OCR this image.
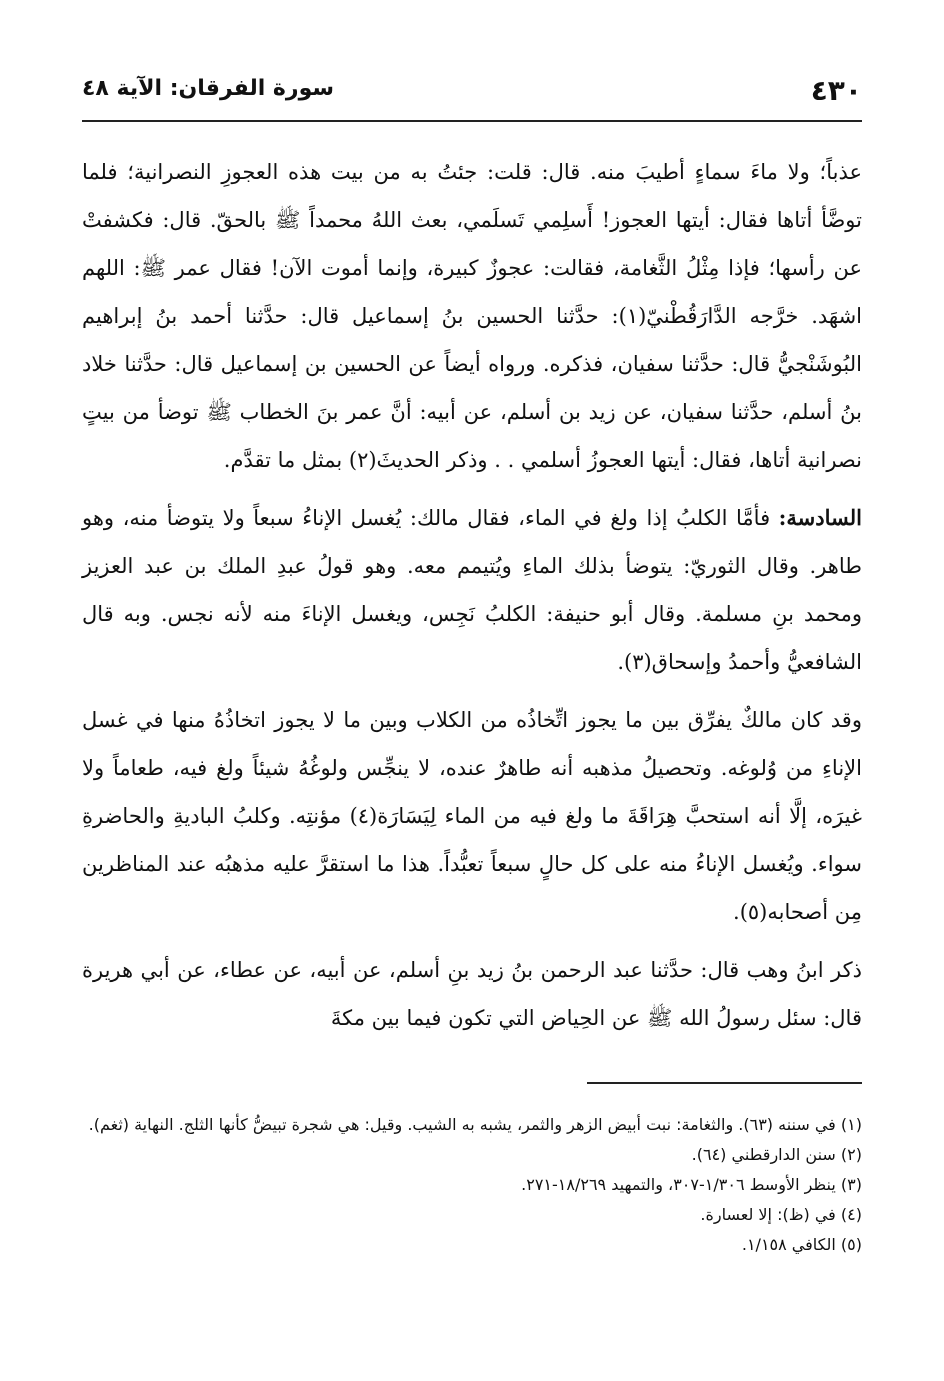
٤٣٠
سورة الفرقان: الآية ٤٨

عذباً؛ ولا ماءَ سماءٍ أطيبَ منه. قال: قلت: جئتُ به من بيت هذه العجوزِ النصرانية؛ فلما توضَّأ أتاها فقال: أيتها العجوز! أَسلِمي تَسلَمي، بعث اللهُ محمداً ﷺ بالحقّ. قال: فكشفتْ عن رأسها؛ فإذا مِثْلُ الثَّغامة، فقالت: عجوزٌ كبيرة، وإنما أموت الآن! فقال عمر ﷺ: اللهم اشهَد. خرَّجه الدَّارَقُطْنيّ(١): حدَّثنا الحسين بنُ إسماعيل قال: حدَّثنا أحمد بنُ إبراهيم البُوشَنْجيُّ قال: حدَّثنا سفيان، فذكره. ورواه أيضاً عن الحسين بن إسماعيل قال: حدَّثنا خلاد بنُ أسلم، حدَّثنا سفيان، عن زيد بن أسلم، عن أبيه: أنَّ عمر بنَ الخطاب ﷺ توضأ من بيتٍ نصرانية أتاها، فقال: أيتها العجوزُ أسلمي . . وذكر الحديثَ(٢) بمثل ما تقدَّم.

السادسة: فأمَّا الكلبُ إذا ولغ في الماء، فقال مالك: يُغسل الإناءُ سبعاً ولا يتوضأ منه، وهو طاهر. وقال الثوريّ: يتوضأ بذلك الماءِ ويُتيمم معه. وهو قولُ عبدِ الملك بن عبد العزيز ومحمد بنِ مسلمة. وقال أبو حنيفة: الكلبُ نَجِس، ويغسل الإناءَ منه لأنه نجس. وبه قال الشافعيُّ وأحمدُ وإسحاق(٣).

وقد كان مالكٌ يفرِّق بين ما يجوز اتِّخاذُه من الكلاب وبين ما لا يجوز اتخاذُهُ منها في غسل الإناءِ من وُلوغه. وتحصيلُ مذهبه أنه طاهرٌ عنده، لا ينجِّس ولوغُهُ شيئاً ولغ فيه، طعاماً ولا غيرَه، إلَّا أنه استحبَّ هِرَاقَةَ ما ولغ فيه من الماء لِيَسَارَة(٤) مؤنتِه. وكلبُ الباديةِ والحاضرةِ سواء. ويُغسل الإناءُ منه على كل حالٍ سبعاً تعبُّداً. هذا ما استقرَّ عليه مذهبُه عند المناظرين مِن أصحابه(٥).

ذكر ابنُ وهب قال: حدَّثنا عبد الرحمن بنُ زيد بنِ أسلم، عن أبيه، عن عطاء، عن أبي هريرة قال: سئل رسولُ الله ﷺ عن الحِياض التي تكون فيما بين مكةَ

(١) في سننه (٦٣). والثغامة: نبت أبيض الزهر والثمر، يشبه به الشيب. وقيل: هي شجرة تبيضُّ كأنها الثلج. النهاية (ثغم).

(٢) سنن الدارقطني (٦٤).

(٣) ينظر الأوسط ١/٣٠٦-٣٠٧، والتمهيد ١٨/٢٦٩-٢٧١.

(٤) في (ظ): إلا لعسارة.

(٥) الكافي ١/١٥٨.
